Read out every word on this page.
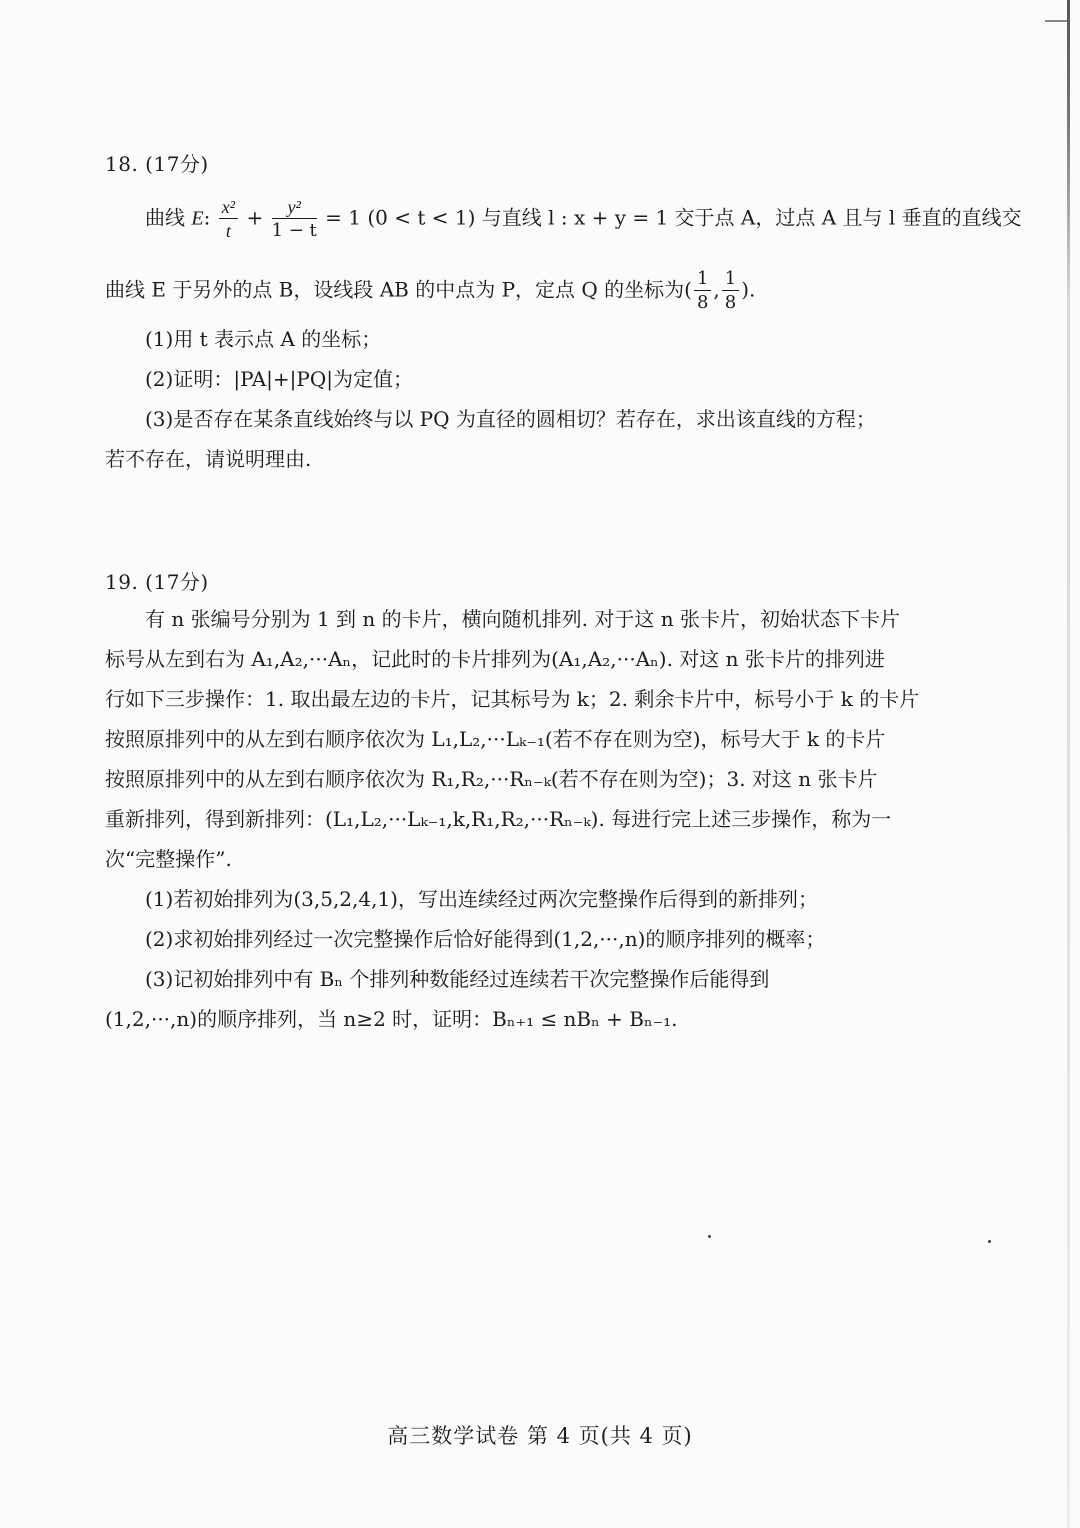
18. (17分)
曲线 E: $\frac{\text{x²}}{t} + \frac{\text{y²}}{1 - t} = 1$ (0 < t < 1) 与直线 l : x + y = 1 交于点 A，过点 A 且与 l 垂直的直线交
曲线 E 于另外的点 B，设线段 AB 的中点为 P，定点 Q 的坐标为( $\frac{1}{8}$ , $\frac{1}{8}$ ).
(1)用 t 表示点 A 的坐标；
(2)证明：|PA|+|PQ|为定值；
(3)是否存在某条直线始终与以 PQ 为直径的圆相切？若存在，求出该直线的方程；
若不存在，请说明理由.
19. (17分)
有 n 张编号分别为 1 到 n 的卡片，横向随机排列. 对于这 n 张卡片，初始状态下卡片
标号从左到右为 A₁,A₂,···Aₙ，记此时的卡片排列为(A₁,A₂,···Aₙ). 对这 n 张卡片的排列进
行如下三步操作：1. 取出最左边的卡片，记其标号为 k；2. 剩余卡片中，标号小于 k 的卡片
按照原排列中的从左到右顺序依次为 L₁,L₂,···Lₖ₋₁(若不存在则为空)，标号大于 k 的卡片
按照原排列中的从左到右顺序依次为 R₁,R₂,···Rₙ₋ₖ(若不存在则为空)；3. 对这 n 张卡片
重新排列，得到新排列：(L₁,L₂,···Lₖ₋₁,k,R₁,R₂,···Rₙ₋ₖ). 每进行完上述三步操作，称为一
次“完整操作”.
(1)若初始排列为(3,5,2,4,1)，写出连续经过两次完整操作后得到的新排列；
(2)求初始排列经过一次完整操作后恰好能得到(1,2,···,n)的顺序排列的概率；
(3)记初始排列中有 Bₙ 个排列种数能经过连续若干次完整操作后能得到
(1,2,···,n)的顺序排列，当 n≥2 时，证明：Bₙ₊₁ ≤ nBₙ + Bₙ₋₁.
高三数学试卷 第 4 页(共 4 页)
